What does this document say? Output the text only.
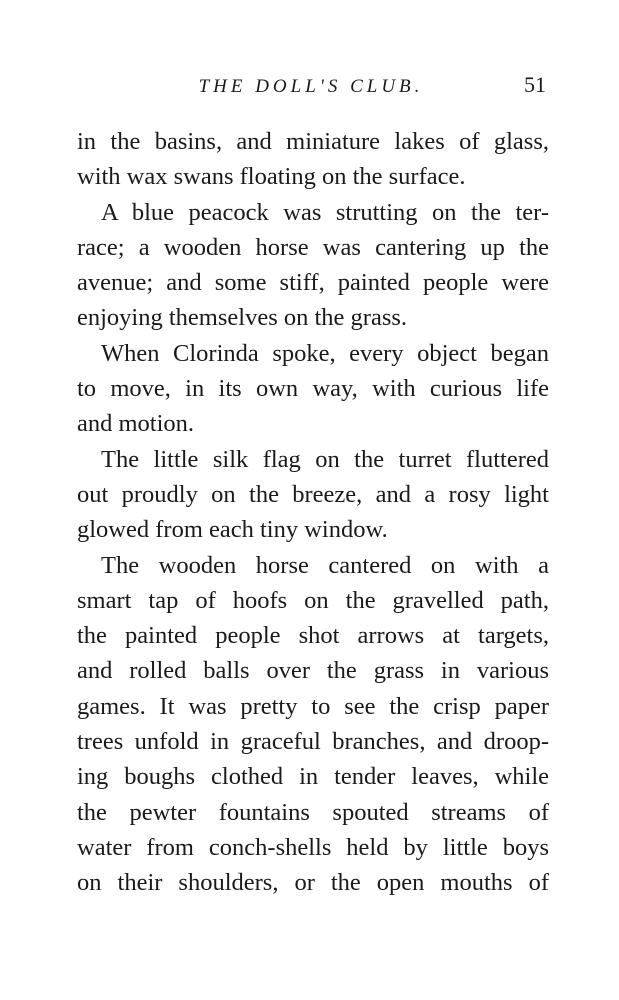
THE DOLL'S CLUB.	51
in the basins, and miniature lakes of glass,
with wax swans floating on the surface.
A blue peacock was strutting on the ter-
race; a wooden horse was cantering up the
avenue; and some stiff, painted people were
enjoying themselves on the grass.
When Clorinda spoke, every object began
to move, in its own way, with curious life
and motion.
The little silk flag on the turret fluttered
out proudly on the breeze, and a rosy light
glowed from each tiny window.
The wooden horse cantered on with a
smart tap of hoofs on the gravelled path,
the painted people shot arrows at targets,
and rolled balls over the grass in various
games. It was pretty to see the crisp paper
trees unfold in graceful branches, and droop-
ing boughs clothed in tender leaves, while
the pewter fountains spouted streams of
water from conch-shells held by little boys
on their shoulders, or the open mouths of
